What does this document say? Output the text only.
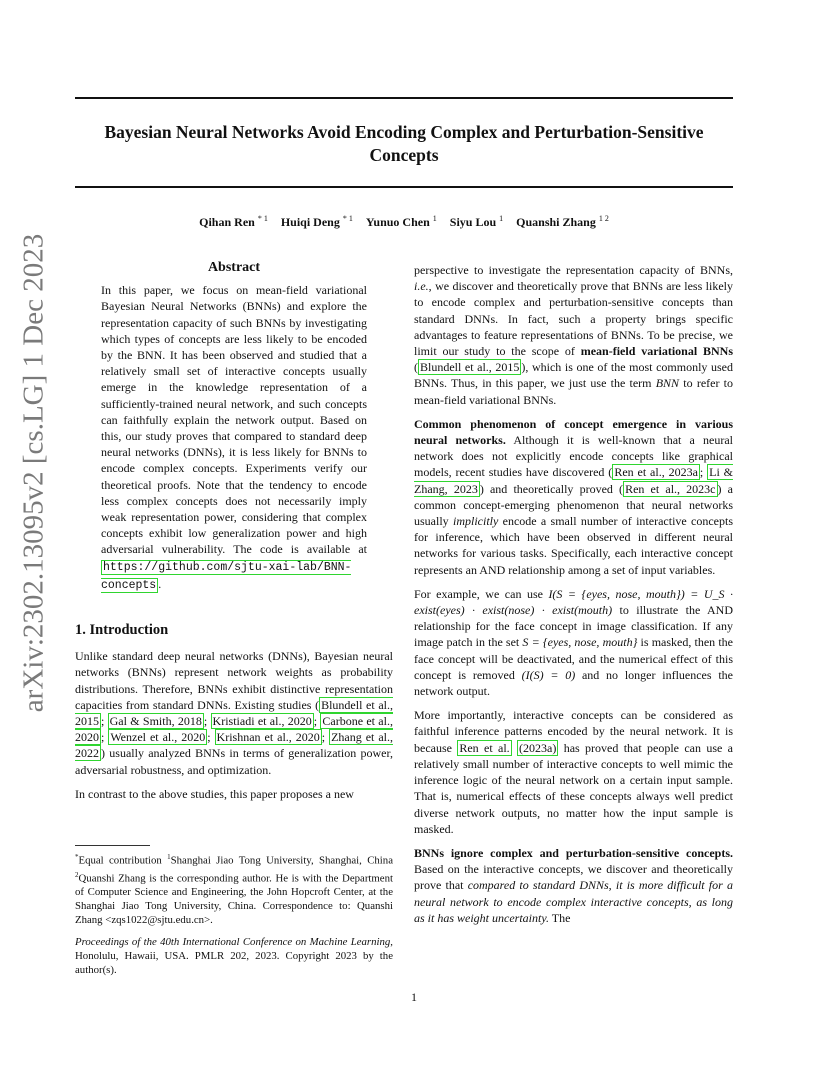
Bayesian Neural Networks Avoid Encoding Complex and Perturbation-Sensitive Concepts
Qihan Ren $^{* 1}$ Huiqi Deng $^{* 1}$ Yunuo Chen $^1$ Siyu Lou $^1$ Quanshi Zhang $^{1 2}$
arXiv:2302.13095v2 [cs.LG] 1 Dec 2023	Abstract

In this paper, we focus on mean-field variational Bayesian Neural Networks (BNNs) and explore the representation capacity of such BNNs by investigating which types of concepts are less likely to be encoded by the BNN. It has been observed and studied that a relatively small set of interactive concepts usually emerge in the knowledge representation of a sufficiently-trained neural network, and such concepts can faithfully explain the network output. Based on this, our study proves that compared to standard deep neural networks (DNNs), it is less likely for BNNs to encode complex concepts. Experiments verify our theoretical proofs. Note that the tendency to encode less complex concepts does not necessarily imply weak representation power, considering that complex concepts exhibit low generalization power and high adversarial vulnerability. The code is available at https://github.com/sjtu-xai-lab/BNN-concepts .

1. Introduction

Unlike standard deep neural networks (DNNs), Bayesian neural networks (BNNs) represent network weights as probability distributions. Therefore, BNNs exhibit distinctive representation capacities from standard DNNs. Existing studies ( Blundell et al., 2015 ; Gal & Smith, 2018 ; Kristiadi et al., 2020 ; Carbone et al., 2020 ; Wenzel et al., 2020 ; Krishnan et al., 2020 ; Zhang et al., 2022 ) usually analyzed BNNs in terms of generalization power, adversarial robustness, and optimization.

In contrast to the above studies, this paper proposes a new

*Equal contribution $^1$Shanghai Jiao Tong University, Shanghai, China $^2$Quanshi Zhang is the corresponding author. He is with the Department of Computer Science and Engineering, the John Hopcroft Center, at the Shanghai Jiao Tong University, China. Correspondence to: Quanshi Zhang <zqs1022@sjtu.edu.cn>.

Proceedings of the 40th International Conference on Machine Learning, Honolulu, Hawaii, USA. PMLR 202, 2023. Copyright 2023 by the author(s).

perspective to investigate the representation capacity of BNNs, i.e., we discover and theoretically prove that BNNs are less likely to encode complex and perturbation-sensitive concepts than standard DNNs. In fact, such a property brings specific advantages to feature representations of BNNs. To be precise, we limit our study to the scope of mean-field variational BNNs ( Blundell et al., 2015 ), which is one of the most commonly used BNNs. Thus, in this paper, we just use the term BNN to refer to mean-field variational BNNs.

Common phenomenon of concept emergence in various neural networks. Although it is well-known that a neural network does not explicitly encode concepts like graphical models, recent studies have discovered ( Ren et al., 2023a ; Li & Zhang, 2023 ) and theoretically proved ( Ren et al., 2023c ) a common concept-emerging phenomenon that neural networks usually implicitly encode a small number of interactive concepts for inference, which have been observed in different neural networks for various tasks. Specifically, each interactive concept represents an AND relationship among a set of input variables.

For example, we can use I(S = {eyes, nose, mouth}) = U_S · exist(eyes) · exist(nose) · exist(mouth) to illustrate the AND relationship for the face concept in image classification. If any image patch in the set S = {eyes, nose, mouth} is masked, then the face concept will be deactivated, and the numerical effect of this concept is removed (I(S) = 0) and no longer influences the network output.

More importantly, interactive concepts can be considered as faithful inference patterns encoded by the neural network. It is because Ren et al. (2023a) has proved that people can use a relatively small number of interactive concepts to well mimic the inference logic of the neural network on a certain input sample. That is, numerical effects of these concepts always well predict diverse network outputs, no matter how the input sample is masked.

BNNs ignore complex and perturbation-sensitive concepts. Based on the interactive concepts, we discover and theoretically prove that compared to standard DNNs, it is more difficult for a neural network to encode complex interactive concepts, as long as it has weight uncertainty. The

1
